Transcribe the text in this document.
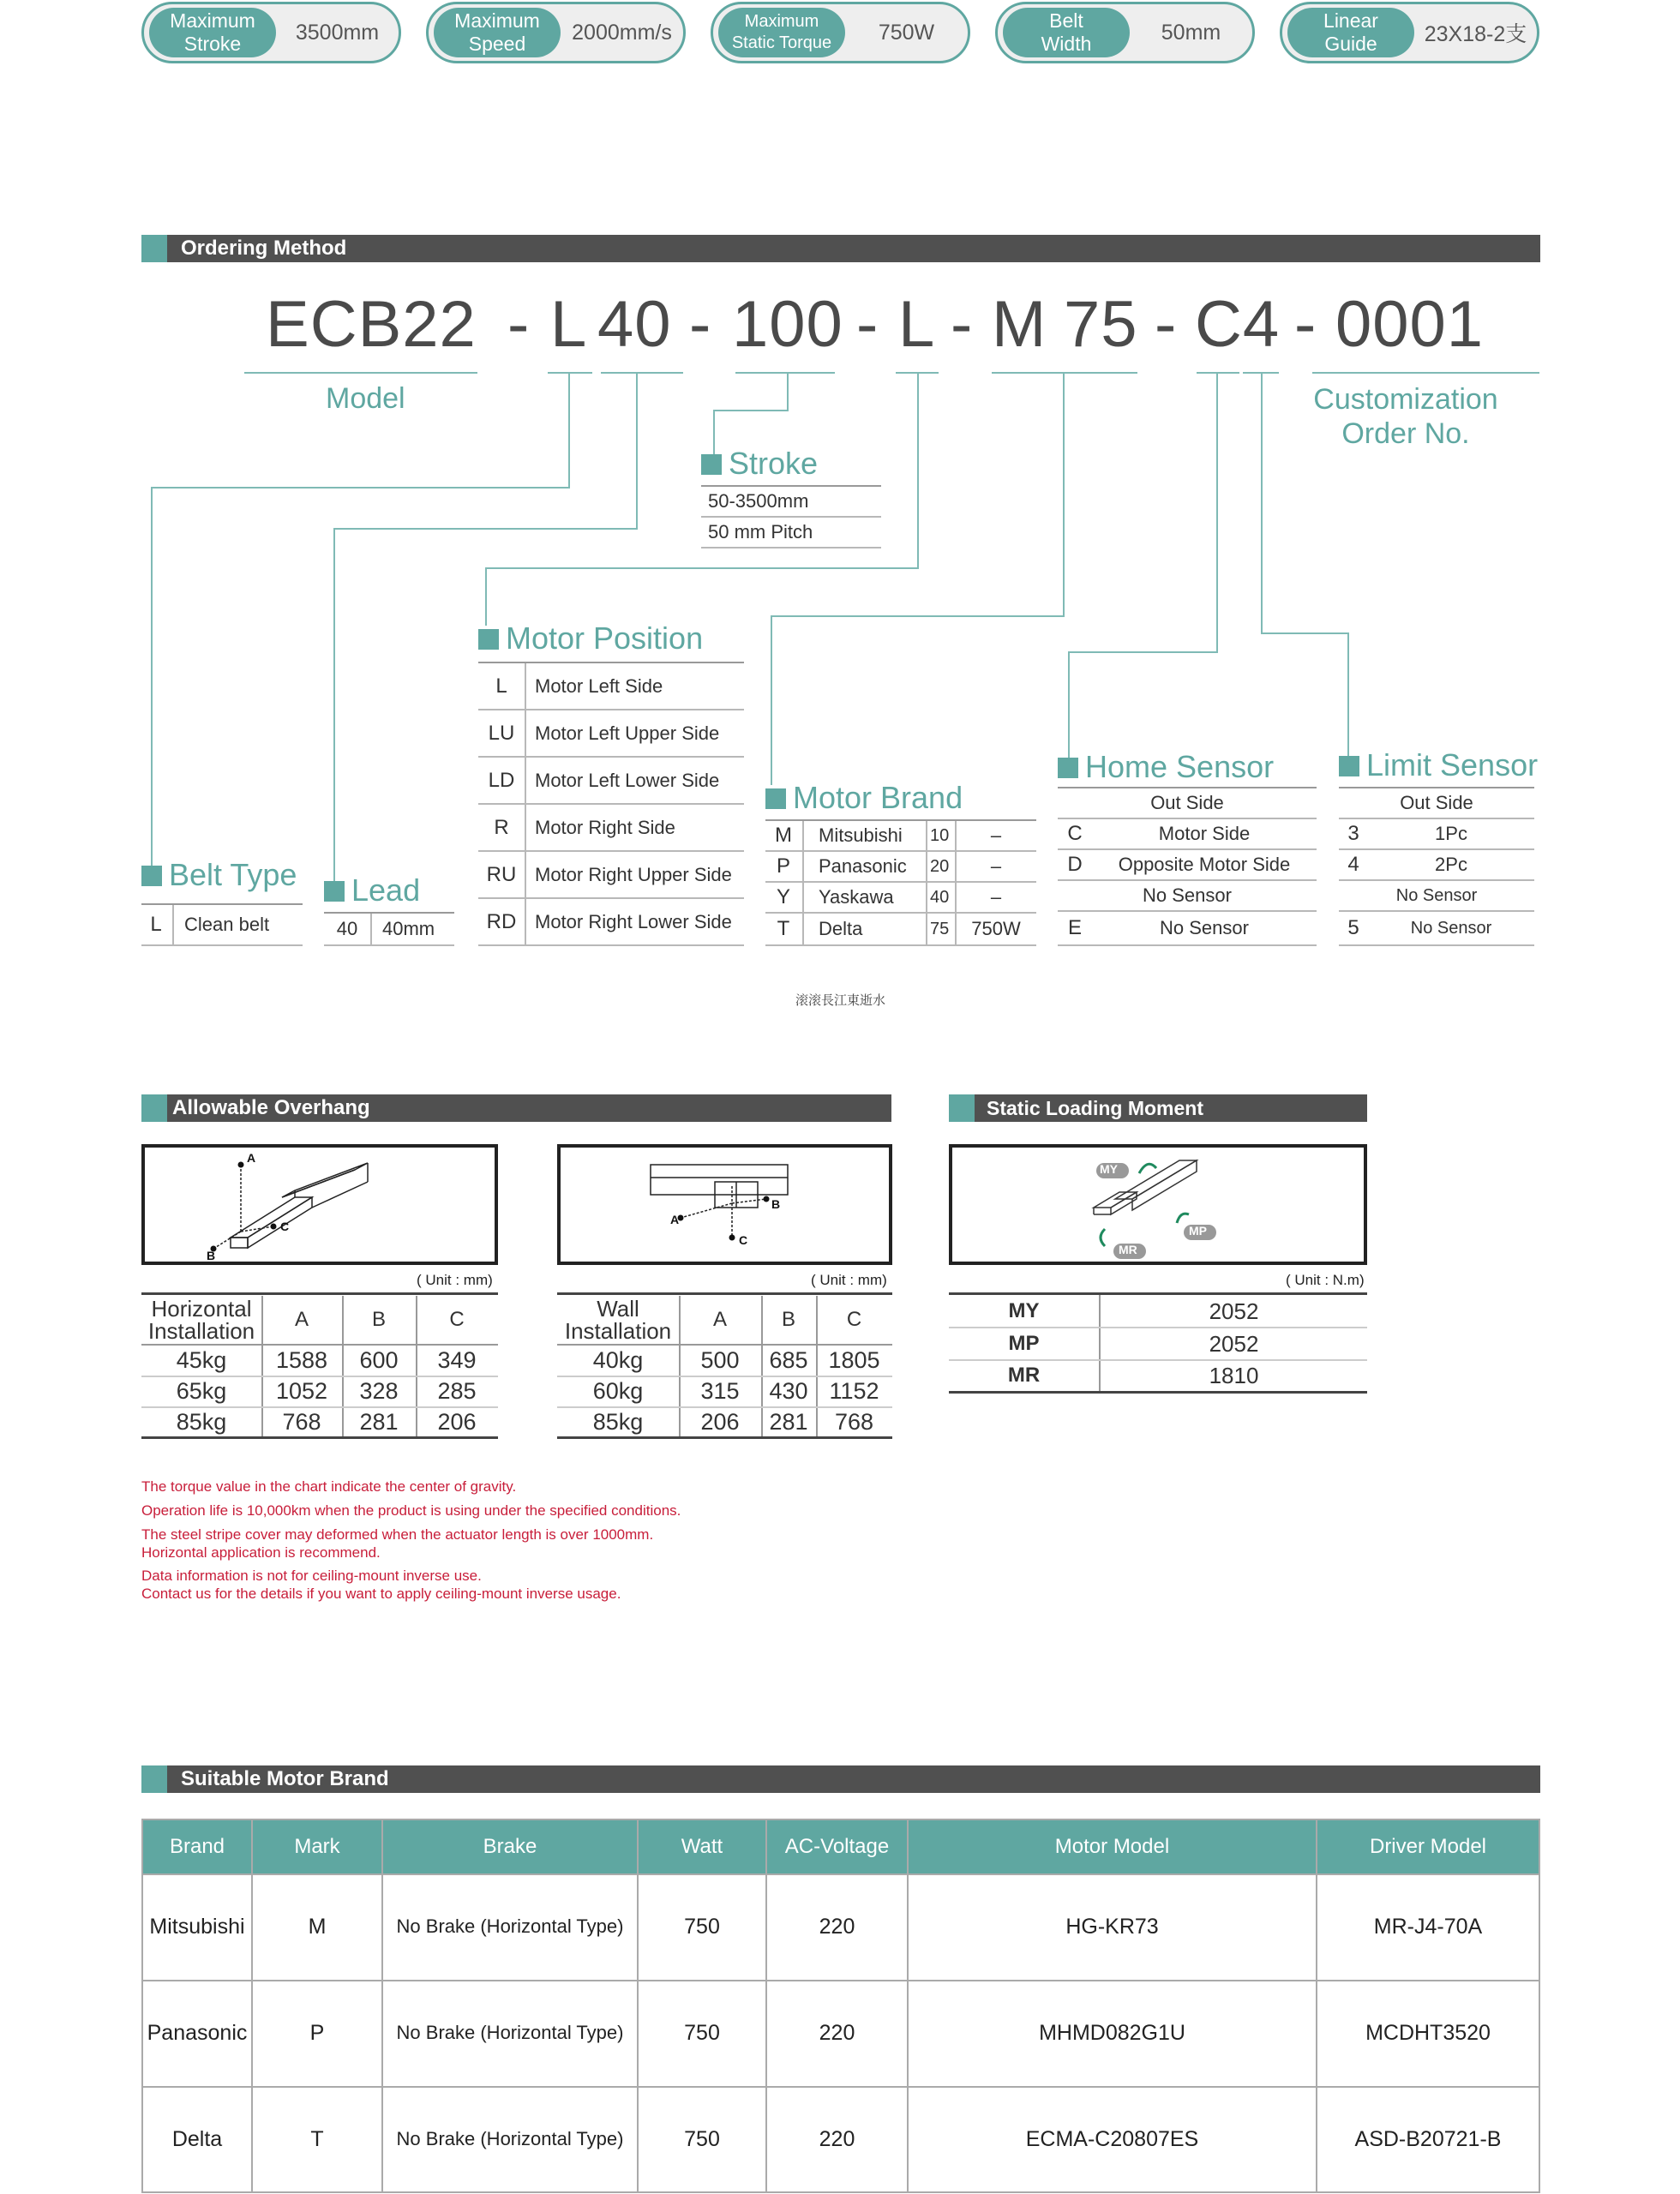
Maximum
Stroke	3500mm	Maximum
Speed	2000mm/s	Maximum
Static Torque	750W	Belt
Width	50mm	Linear
Guide	23X18-2支
Ordering Method
ECB22 - L 40 - 100 - L - M 75 - C4 - 0001
Model	Customization
Order No.
Stroke
50-3500mm
50 mm Pitch
Motor Position
L	Motor Left Side
LU	Motor Left Upper Side
LD	Motor Left Lower Side
R	Motor Right Side
RU Motor Right Upper Side
RD Motor Right Lower Side
Belt Type
L	Clean belt
Lead
40	40mm
Motor Brand
M	Mitsubishi 10	–
P	Panasonic 20	–
Y	Yaskawa 40	–
T	Delta	75	750W
Home Sensor
Out Side
C	Motor Side
D	Opposite Motor Side
No Sensor
E	No Sensor
Limit Sensor
Out Side
3	1Pc
4	2Pc
No Sensor
5	No Sensor
滚滚長江東逝水
Allowable Overhang
A
B
C	A
B
C
( Unit : mm)	( Unit : mm)
Horizontal
Installation	A	B	C
45kg	1588	600	349
65kg	1052	328	285
85kg	768	281	206
Wall
Installation	A	B	C
40kg	500	685 1805
60kg	315	430 1152
85kg	206	281	768
Static Loading Moment
MY
MP
MR
( Unit : N.m)
MY	2052
MP	2052
MR	1810
The torque value in the chart indicate the center of gravity.
Operation life is 10,000km when the product is using under the specified conditions.
The steel stripe cover may deformed when the actuator length is over 1000mm.
Horizontal application is recommend.
Data information is not for ceiling-mount inverse use.
Contact us for the details if you want to apply ceiling-mount inverse usage.
Suitable Motor Brand
Brand	Mark	Brake	Watt	AC-Voltage	Motor Model	Driver Model
Mitsubishi	M	No Brake (Horizontal Type)	750	220	HG-KR73	MR-J4-70A
Panasonic	P	No Brake (Horizontal Type)	750	220	MHMD082G1U	MCDHT3520
Delta	T	No Brake (Horizontal Type)	750	220	ECMA-C20807ES	ASD-B20721-B
